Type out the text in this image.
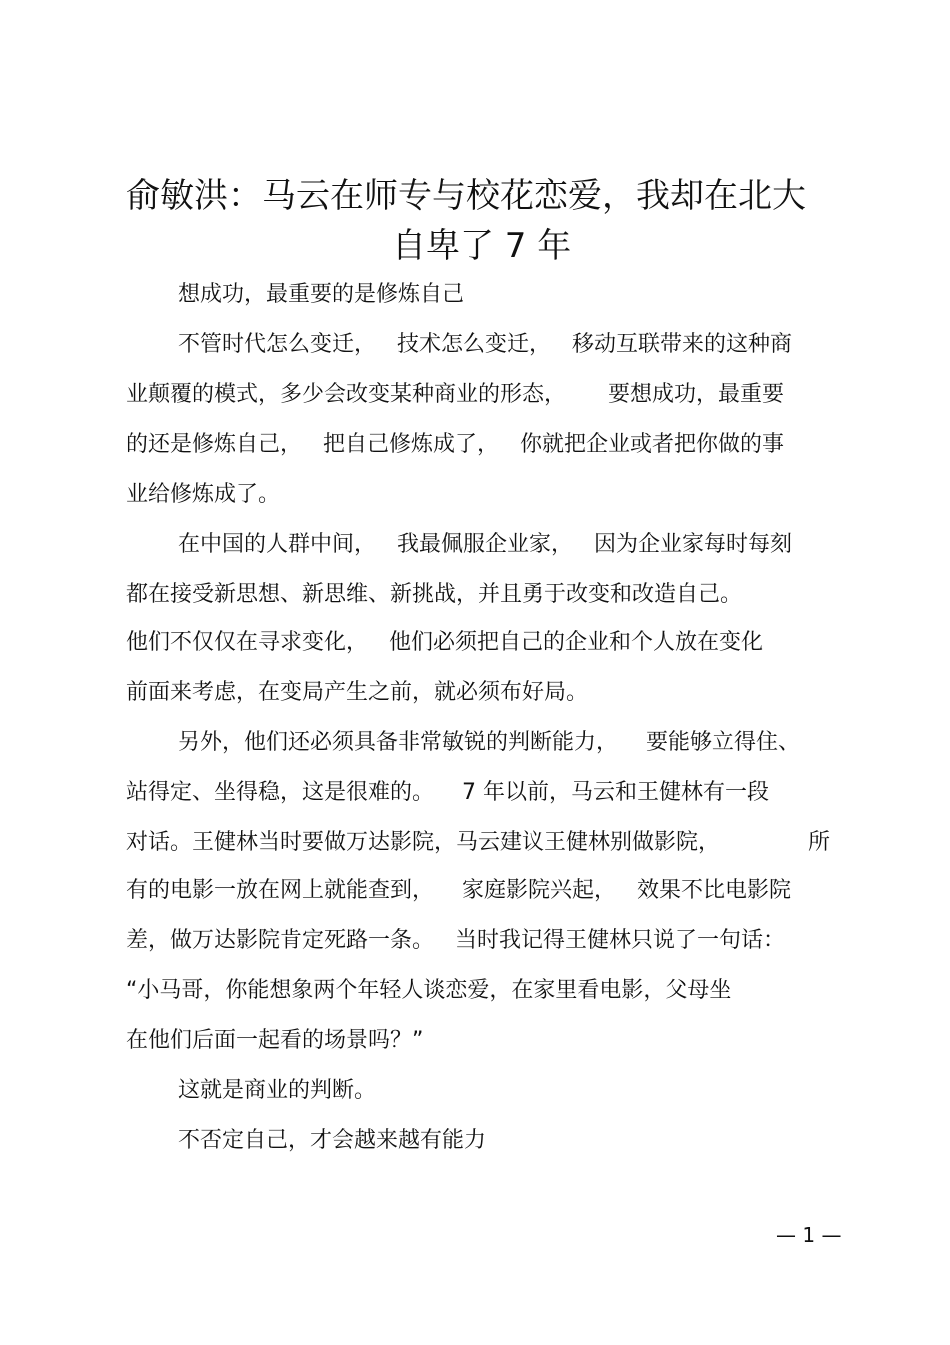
俞敏洪：马云在师专与校花恋爱，我却在北大
自卑了 7 年
想成功，最重要的是修炼自己
不管时代怎么变迁，   技术怎么变迁，   移动互联带来的这种商
业颠覆的模式，多少会改变某种商业的形态，      要想成功，最重要
的还是修炼自己，   把自己修炼成了，   你就把企业或者把你做的事
业给修炼成了。
在中国的人群中间，   我最佩服企业家，   因为企业家每时每刻
都在接受新思想、新思维、新挑战，并且勇于改变和改造自己。
他们不仅仅在寻求变化，   他们必须把自己的企业和个人放在变化
前面来考虑，在变局产生之前，就必须布好局。
另外，他们还必须具备非常敏锐的判断能力，    要能够立得住、
站得定、坐得稳，这是很难的。    7 年以前，马云和王健林有一段
对话。王健林当时要做万达影院，马云建议王健林别做影院，	所
有的电影一放在网上就能查到，    家庭影院兴起，   效果不比电影院
差，做万达影院肯定死路一条。   当时我记得王健林只说了一句话：
“小马哥，你能想象两个年轻人谈恋爱，在家里看电影，父母坐
在他们后面一起看的场景吗？”
这就是商业的判断。
不否定自己，才会越来越有能力
— 1 —
